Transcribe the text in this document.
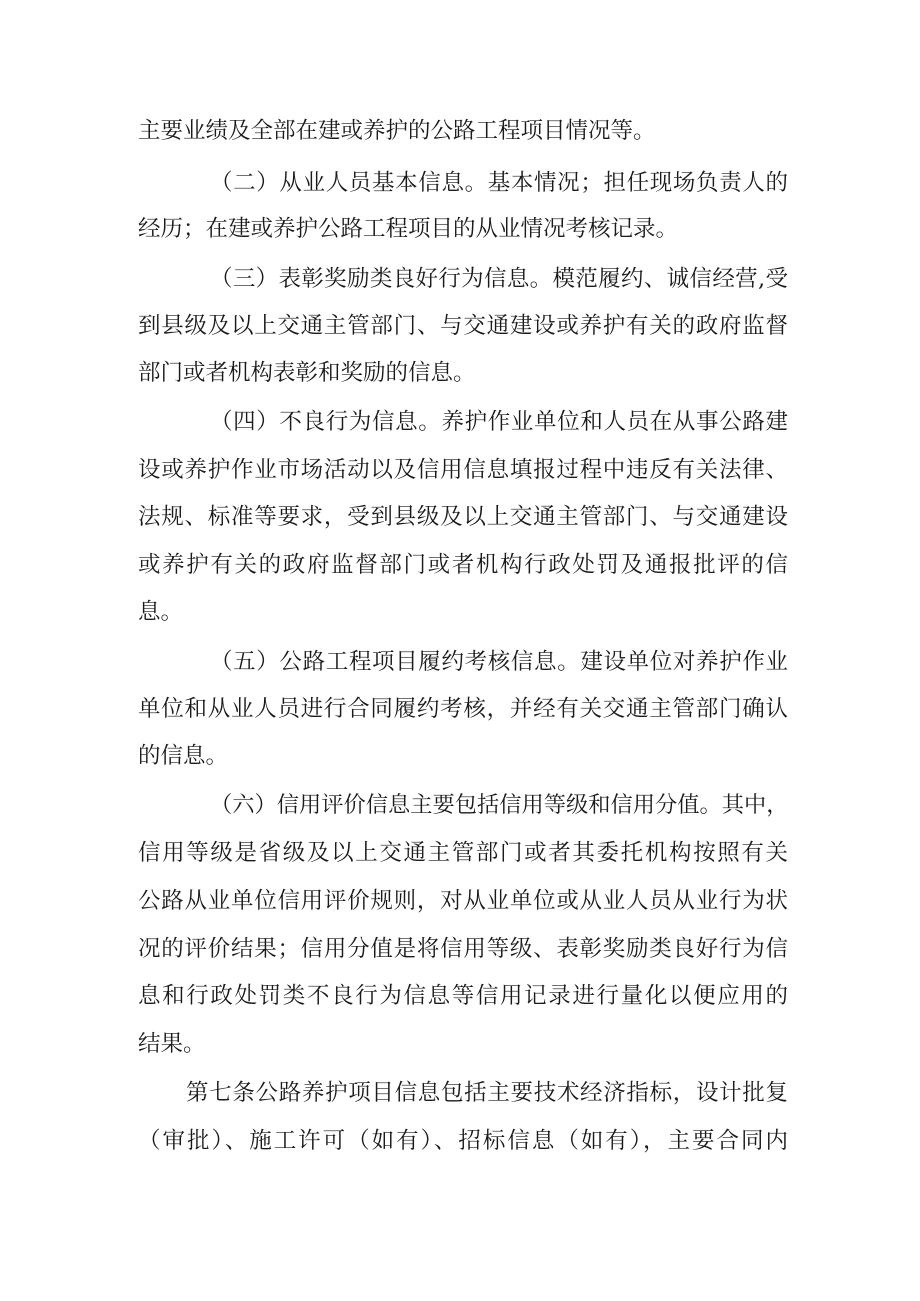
主要业绩及全部在建或养护的公路工程项目情况等。
（二）从业人员基本信息。基本情况；担任现场负责人的
经历；在建或养护公路工程项目的从业情况考核记录。
（三）表彰奖励类良好行为信息。模范履约、诚信经营,受
到县级及以上交通主管部门、与交通建设或养护有关的政府监督
部门或者机构表彰和奖励的信息。
（四）不良行为信息。养护作业单位和人员在从事公路建
设或养护作业市场活动以及信用信息填报过程中违反有关法律、
法规、标准等要求，受到县级及以上交通主管部门、与交通建设
或养护有关的政府监督部门或者机构行政处罚及通报批评的信
息。
（五）公路工程项目履约考核信息。建设单位对养护作业
单位和从业人员进行合同履约考核，并经有关交通主管部门确认
的信息。
（六）信用评价信息主要包括信用等级和信用分值。其中，
信用等级是省级及以上交通主管部门或者其委托机构按照有关
公路从业单位信用评价规则，对从业单位或从业人员从业行为状
况的评价结果；信用分值是将信用等级、表彰奖励类良好行为信
息和行政处罚类不良行为信息等信用记录进行量化以便应用的
结果。
第七条公路养护项目信息包括主要技术经济指标，设计批复
（审批）、施工许可（如有）、招标信息（如有），主要合同内
